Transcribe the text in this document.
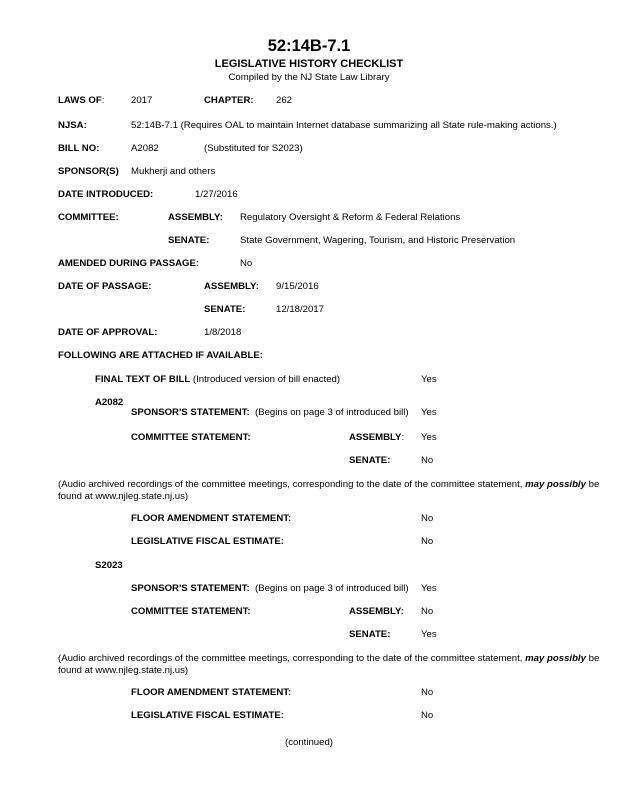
52:14B-7.1
LEGISLATIVE HISTORY CHECKLIST
Compiled by the NJ State Law Library
LAWS OF:	2017	CHAPTER: 262
NJSA:	52:14B-7.1 (Requires OAL to maintain Internet database summarizing all State rule-making actions.)
BILL NO:	A2082	(Substituted for S2023)
SPONSOR(S) Mukherji and others
DATE INTRODUCED:	1/27/2016
COMMITTEE:	ASSEMBLY: Regulatory Oversight & Reform & Federal Relations
SENATE:	State Government, Wagering, Tourism, and Historic Preservation
AMENDED DURING PASSAGE:	No
DATE OF PASSAGE:	ASSEMBLY: 9/15/2016
SENATE:	12/18/2017
DATE OF APPROVAL:	1/8/2018
FOLLOWING ARE ATTACHED IF AVAILABLE:
FINAL TEXT OF BILL (Introduced version of bill enacted)	Yes
A2082
SPONSOR'S STATEMENT: (Begins on page 3 of introduced bill) Yes
COMMITTEE STATEMENT:	ASSEMBLY: Yes
SENATE:	No
(Audio archived recordings of the committee meetings, corresponding to the date of the committee statement, may possibly be found at www.njleg.state.nj.us)
FLOOR AMENDMENT STATEMENT:	No
LEGISLATIVE FISCAL ESTIMATE:	No
S2023
SPONSOR'S STATEMENT: (Begins on page 3 of introduced bill) Yes
COMMITTEE STATEMENT:	ASSEMBLY: No
SENATE:	Yes
(Audio archived recordings of the committee meetings, corresponding to the date of the committee statement, may possibly be found at www.njleg.state.nj.us)
FLOOR AMENDMENT STATEMENT:	No
LEGISLATIVE FISCAL ESTIMATE:	No
(continued)
